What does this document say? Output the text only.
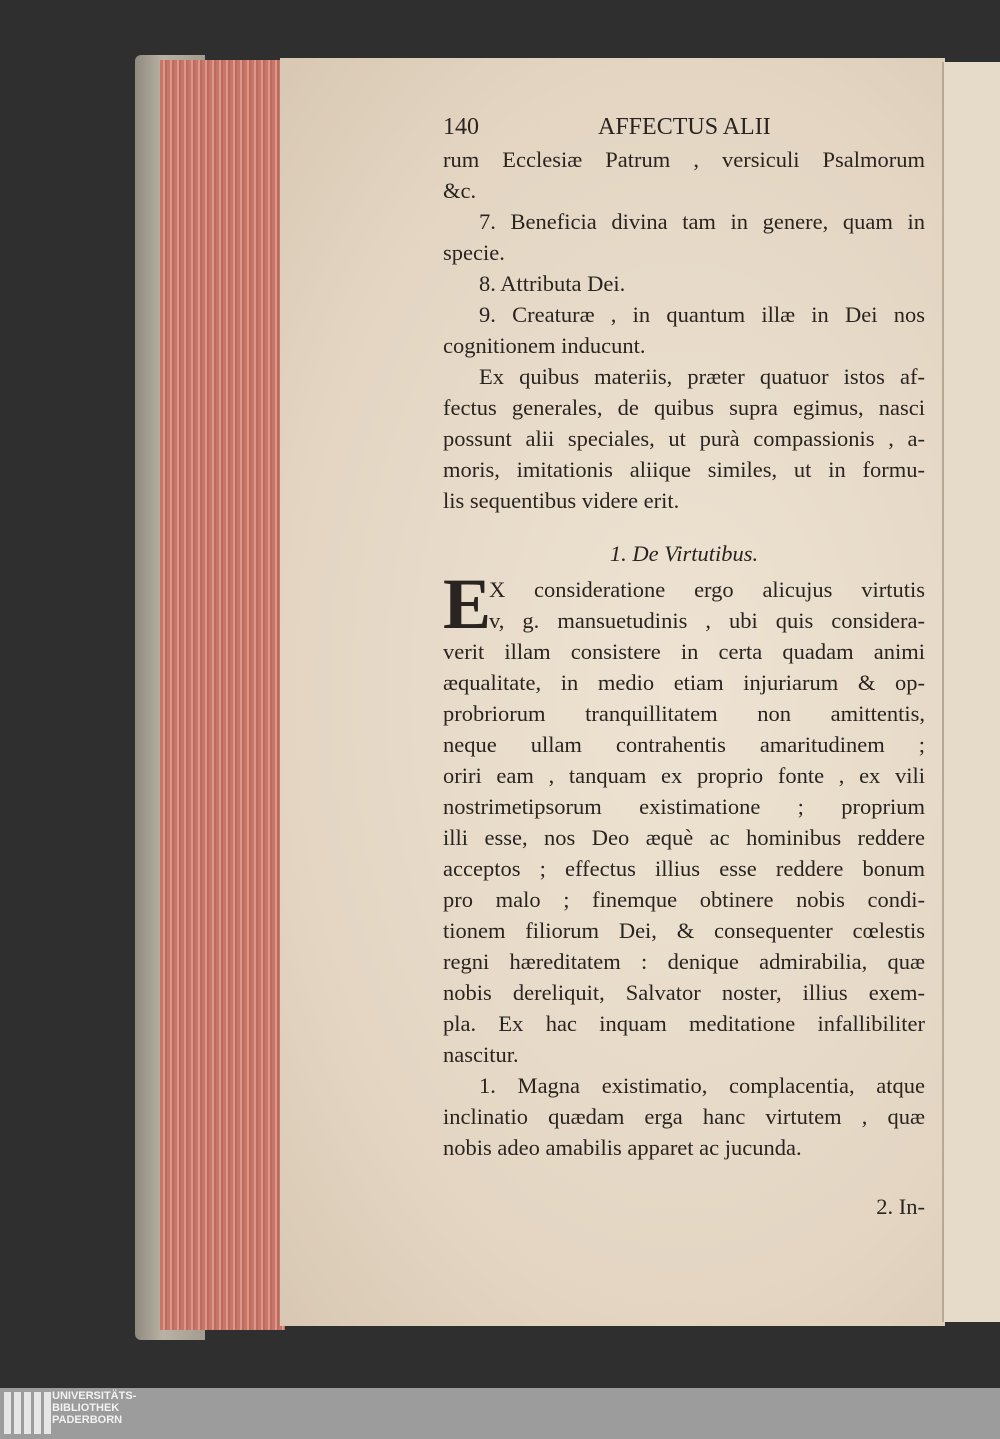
140	AFFECTUS ALII
rum Ecclesiæ Patrum , versiculi Psalmorum
&c.
7. Beneficia divina tam in genere, quam in
specie.
8. Attributa Dei.
9. Creaturæ , in quantum illæ in Dei nos
cognitionem inducunt.
Ex quibus materiis, præter quatuor istos af-
fectus generales, de quibus supra egimus, nasci
possunt alii speciales, ut purà compassionis , a-
moris, imitationis aliique similes, ut in formu-
lis sequentibus videre erit.
1. De Virtutibus.
E
X consideratione ergo alicujus virtutis
v, g. mansuetudinis , ubi quis considera-
verit illam consistere in certa quadam animi
æqualitate, in medio etiam injuriarum & op-
probriorum tranquillitatem non amittentis,
neque ullam contrahentis amaritudinem ;
oriri eam , tanquam ex proprio fonte , ex vili
nostrimetipsorum existimatione ; proprium
illi esse, nos Deo æquè ac hominibus reddere
acceptos ; effectus illius esse reddere bonum
pro malo ; finemque obtinere nobis condi-
tionem filiorum Dei, & consequenter cœlestis
regni hæreditatem : denique admirabilia, quæ
nobis dereliquit, Salvator noster, illius exem-
pla. Ex hac inquam meditatione infallibiliter
nascitur.
1. Magna existimatio, complacentia, atque
inclinatio quædam erga hanc virtutem , quæ
nobis adeo amabilis apparet ac jucunda.
2. In-
UNIVERSITÄTS-
BIBLIOTHEK
PADERBORN
